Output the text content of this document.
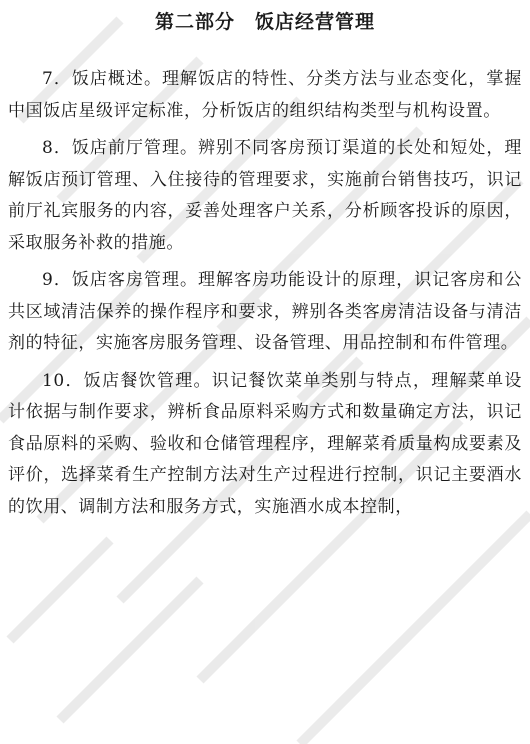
第二部分　饭店经营管理

7．饭店概述。理解饭店的特性、分类方法与业态变化，掌握中国饭店星级评定标准，分析饭店的组织结构类型与机构设置。

8．饭店前厅管理。辨别不同客房预订渠道的长处和短处，理解饭店预订管理、入住接待的管理要求，实施前台销售技巧，识记前厅礼宾服务的内容，妥善处理客户关系，分析顾客投诉的原因，采取服务补救的措施。

9．饭店客房管理。理解客房功能设计的原理，识记客房和公共区域清洁保养的操作程序和要求，辨别各类客房清洁设备与清洁剂的特征，实施客房服务管理、设备管理、用品控制和布件管理。

10．饭店餐饮管理。识记餐饮菜单类别与特点，理解菜单设计依据与制作要求，辨析食品原料采购方式和数量确定方法，识记食品原料的采购、验收和仓储管理程序，理解菜肴质量构成要素及评价，选择菜肴生产控制方法对生产过程进行控制，识记主要酒水的饮用、调制方法和服务方式，实施酒水成本控制，
